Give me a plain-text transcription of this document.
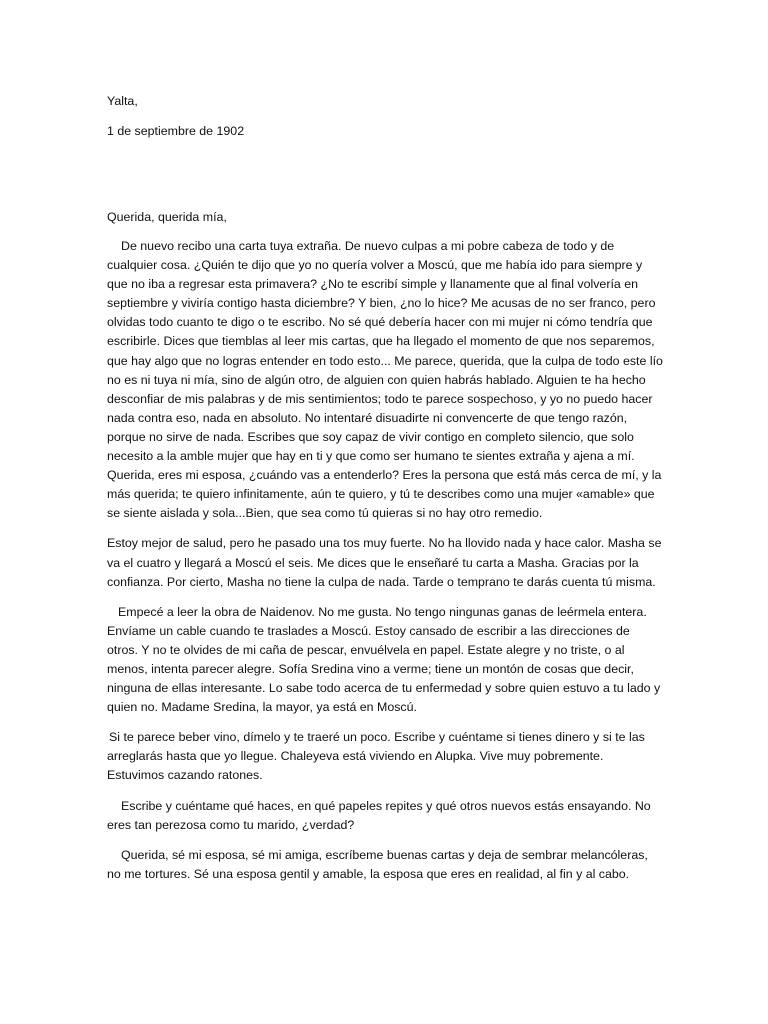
Yalta,
1 de septiembre de 1902
Querida, querida mía,

De nuevo recibo una carta tuya extraña. De nuevo culpas a mi pobre cabeza de todo y de cualquier cosa. ¿Quién te dijo que yo no quería volver a Moscú, que me había ido para siempre y que no iba a regresar esta primavera? ¿No te escribí simple y llanamente que al final volvería en septiembre y viviría contigo hasta diciembre? Y bien, ¿no lo hice? Me acusas de no ser franco, pero olvidas todo cuanto te digo o te escribo. No sé qué debería hacer con mi mujer ni cómo tendría que escribirle. Dices que tiemblas al leer mis cartas, que ha llegado el momento de que nos separemos, que hay algo que no logras entender en todo esto... Me parece, querida, que la culpa de todo este lío no es ni tuya ni mía, sino de algún otro, de alguien con quien habrás hablado. Alguien te ha hecho desconfiar de mis palabras y de mis sentimientos; todo te parece sospechoso, y yo no puedo hacer nada contra eso, nada en absoluto. No intentaré disuadirte ni convencerte de que tengo razón, porque no sirve de nada. Escribes que soy capaz de vivir contigo en completo silencio, que solo necesito a la amble mujer que hay en ti y que como ser humano te sientes extraña y ajena a mí. Querida, eres mi esposa, ¿cuándo vas a entenderlo? Eres la persona que está más cerca de mí, y la más querida; te quiero infinitamente, aún te quiero, y tú te describes como una mujer «amable» que se siente aislada y sola...Bien, que sea como tú quieras si no hay otro remedio.

Estoy mejor de salud, pero he pasado una tos muy fuerte. No ha llovido nada y hace calor. Masha se va el cuatro y llegará a Moscú el seis. Me dices que le enseñaré tu carta a Masha. Gracias por la confianza. Por cierto, Masha no tiene la culpa de nada. Tarde o temprano te darás cuenta tú misma.

Empecé a leer la obra de Naidenov. No me gusta. No tengo ningunas ganas de leérmela entera. Envíame un cable cuando te traslades a Moscú. Estoy cansado de escribir a las direcciones de otros. Y no te olvides de mi caña de pescar, envuélvela en papel. Estate alegre y no triste, o al menos, intenta parecer alegre. Sofía Sredina vino a verme; tiene un montón de cosas que decir, ninguna de ellas interesante. Lo sabe todo acerca de tu enfermedad y sobre quien estuvo a tu lado y quien no. Madame Sredina, la mayor, ya está en Moscú.

Si te parece beber vino, dímelo y te traeré un poco. Escribe y cuéntame si tienes dinero y si te las arreglarás hasta que yo llegue. Chaleyeva está viviendo en Alupka. Vive muy pobremente. Estuvimos cazando ratones.

Escribe y cuéntame qué haces, en qué papeles repites y qué otros nuevos estás ensayando. No eres tan perezosa como tu marido, ¿verdad?

Querida, sé mi esposa, sé mi amiga, escríbeme buenas cartas y deja de sembrar melancóleras, no me tortures. Sé una esposa gentil y amable, la esposa que eres en realidad, al fin y al cabo.
